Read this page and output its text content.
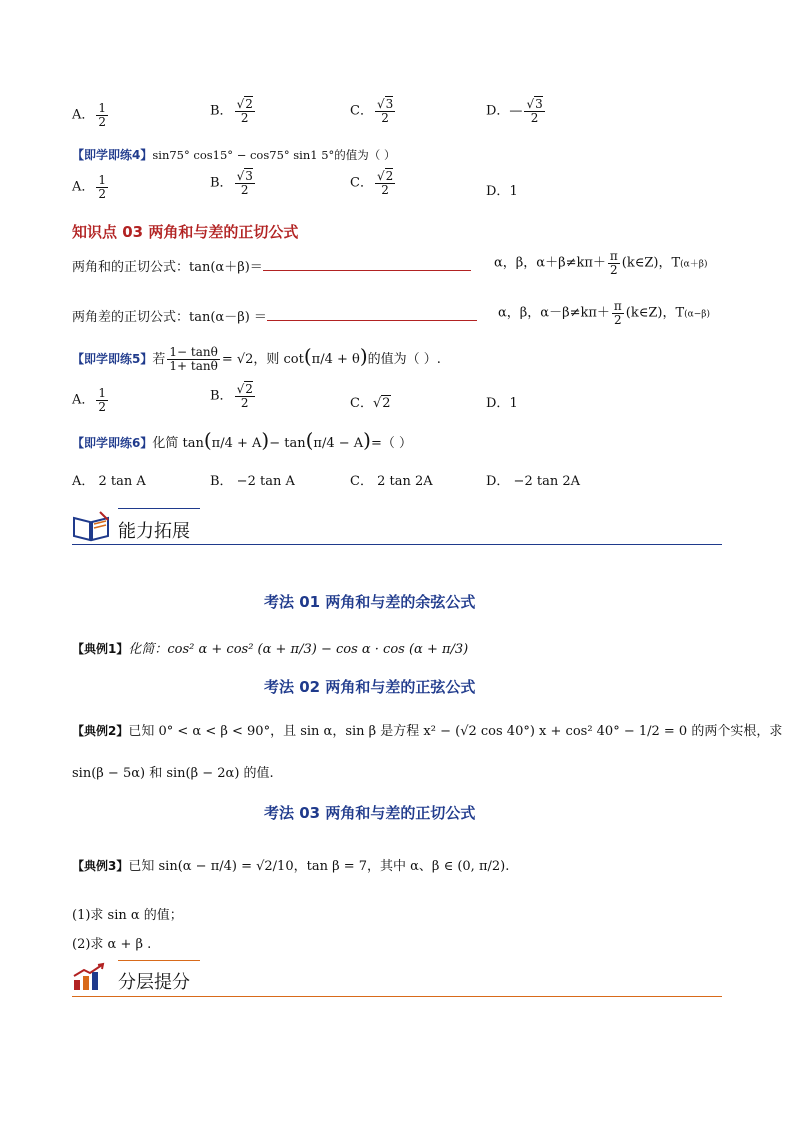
A． $\frac{1}{2}$	B． $\frac{√2}{2}$	C． $\frac{√3}{2}$	D．— $\frac{√3}{2}$
【即学即练4】sin75° cos15° − cos75° sin1 5°的值为（ ）
A． $\frac{1}{2}$	B． $\frac{√3}{2}$	C． $\frac{√2}{2}$	D．1
知识点 03 两角和与差的正切公式
两角和的正切公式：tan(α＋β)＝	α，β，$\alpha+\beta\ne k\pi+ \frac{\pi}{2}$ (k∈Z)，T(α＋β)
两角差的正切公式：tan(α－β) ＝	α，β，$\alpha-\beta\ne k\pi+ \frac{\pi}{2}$ (k∈Z)，T(α−β)
【即学即练5】若 $\frac{1- \tan\theta}{1+ \tan\theta} = √2$，则 cot(π/4 + θ)的值为（ ）.
A． $\frac{1}{2}$	B． $\frac{√2}{2}$	C．√2	D．1
【即学即练6】化简 tan(π/4 + A)− tan(π/4 − A)=（ ）
A． 2 tan A	B． −2 tan A	C． 2 tan 2A	D． −2 tan 2A
能力拓展
考法 01 两角和与差的余弦公式
【典例1】化简：cos² α + cos² (α + π/3) − cos α · cos (α + π/3)
考法 02 两角和与差的正弦公式
【典例2】已知 0° < α < β < 90°，且 sin α，sin β 是方程 x² − (√2 cos 40°) x + cos² 40° − 1/2 = 0 的两个实根，求
sin(β − 5α) 和 sin(β − 2α) 的值.
考法 03 两角和与差的正切公式
【典例3】已知 sin(α − π/4) = √2/10，tan β = 7，其中 α、β ∈ (0, π/2).
(1)求 sin α 的值；
(2)求 α + β .
分层提分
